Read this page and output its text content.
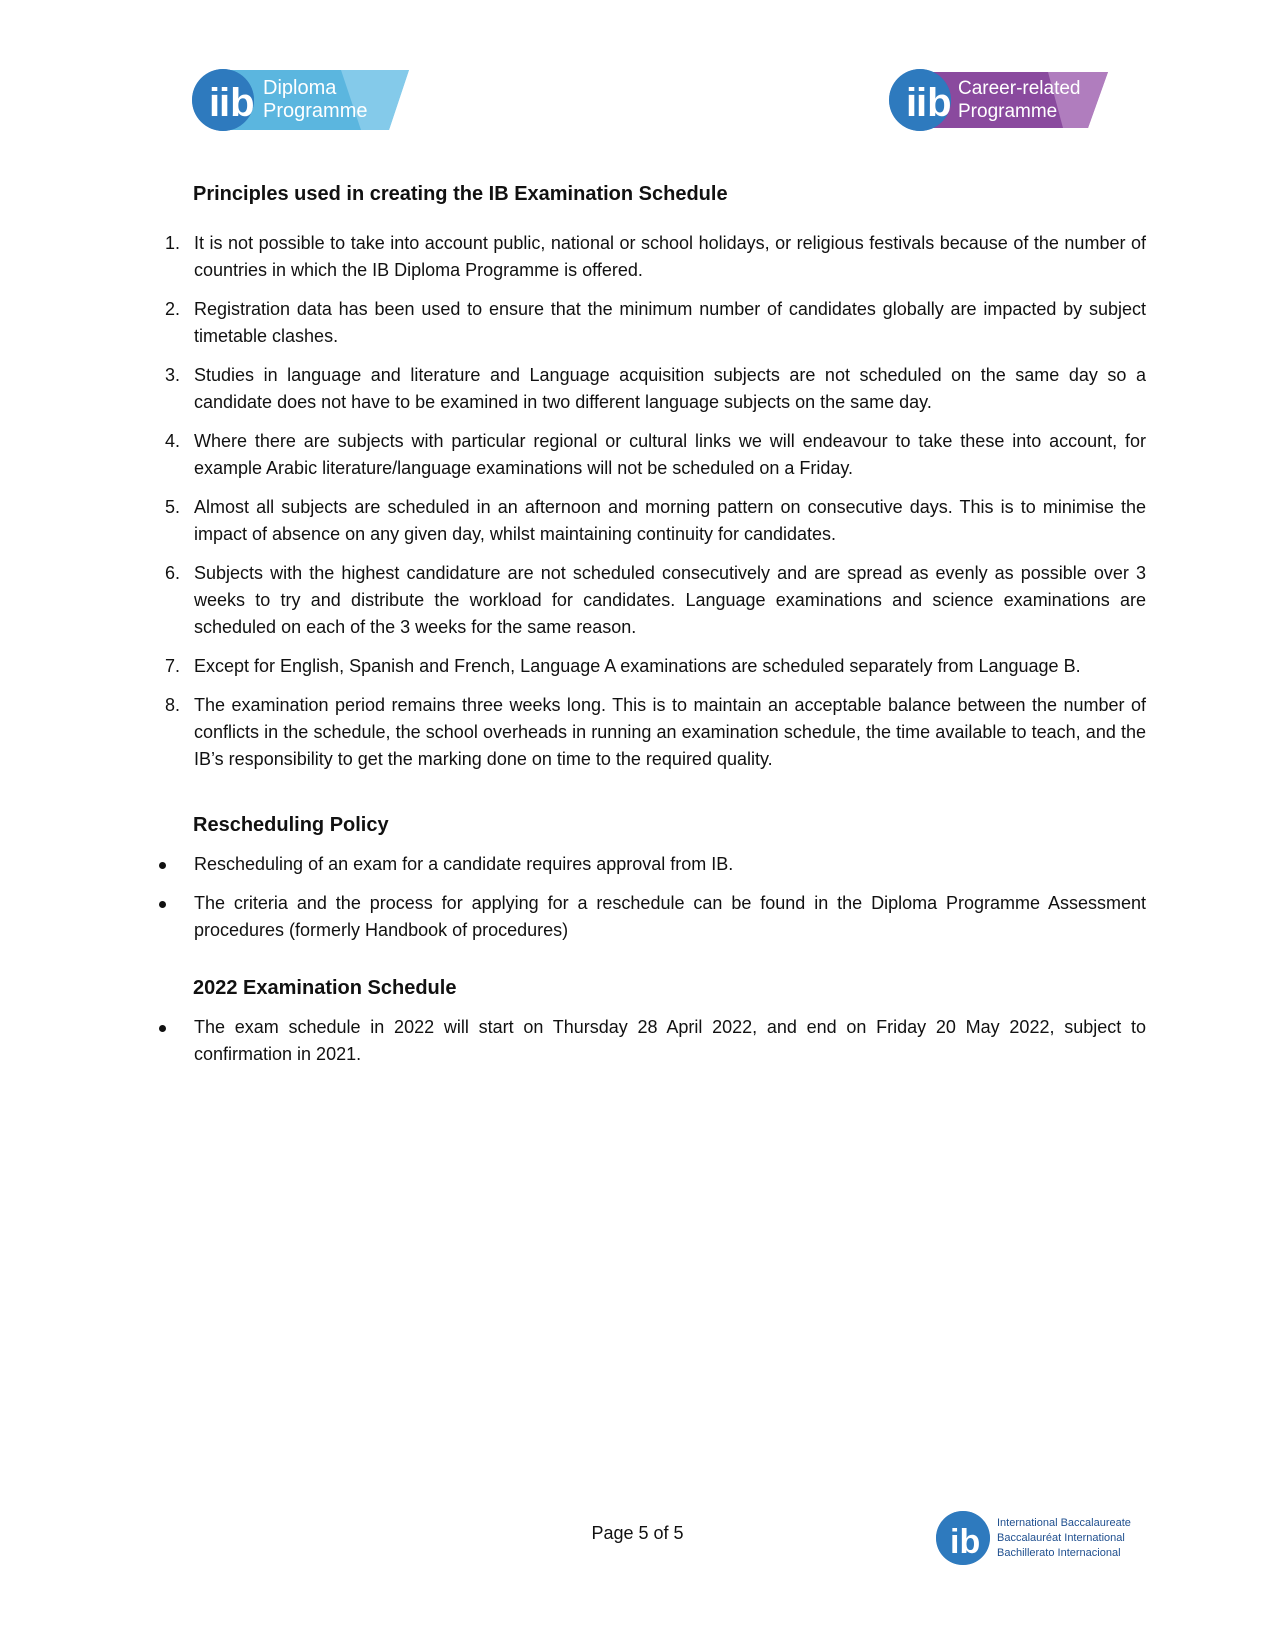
i
ib Diploma
Programme	i
ib Career-related
Programme
Principles used in creating the IB Examination Schedule
1. It is not possible to take into account public, national or school holidays, or religious festivals because of the number of countries in which the IB Diploma Programme is offered.
2. Registration data has been used to ensure that the minimum number of candidates globally are impacted by subject timetable clashes.
3. Studies in language and literature and Language acquisition subjects are not scheduled on the same day so a candidate does not have to be examined in two different language subjects on the same day.
4. Where there are subjects with particular regional or cultural links we will endeavour to take these into account, for example Arabic literature/language examinations will not be scheduled on a Friday.
5. Almost all subjects are scheduled in an afternoon and morning pattern on consecutive days. This is to minimise the impact of absence on any given day, whilst maintaining continuity for candidates.
6. Subjects with the highest candidature are not scheduled consecutively and are spread as evenly as possible over 3 weeks to try and distribute the workload for candidates. Language examinations and science examinations are scheduled on each of the 3 weeks for the same reason.
7. Except for English, Spanish and French, Language A examinations are scheduled separately from Language B.
8. The examination period remains three weeks long. This is to maintain an acceptable balance between the number of conflicts in the schedule, the school overheads in running an examination schedule, the time available to teach, and the IB’s responsibility to get the marking done on time to the required quality.
Rescheduling Policy
Rescheduling of an exam for a candidate requires approval from IB.
The criteria and the process for applying for a reschedule can be found in the Diploma Programme Assessment procedures (formerly Handbook of procedures)
2022 Examination Schedule
The exam schedule in 2022 will start on Thursday 28 April 2022, and end on Friday 20 May 2022, subject to confirmation in 2021.
Page 5 of 5	ib International Baccalaureate
Baccalauréat International
Bachillerato Internacional
